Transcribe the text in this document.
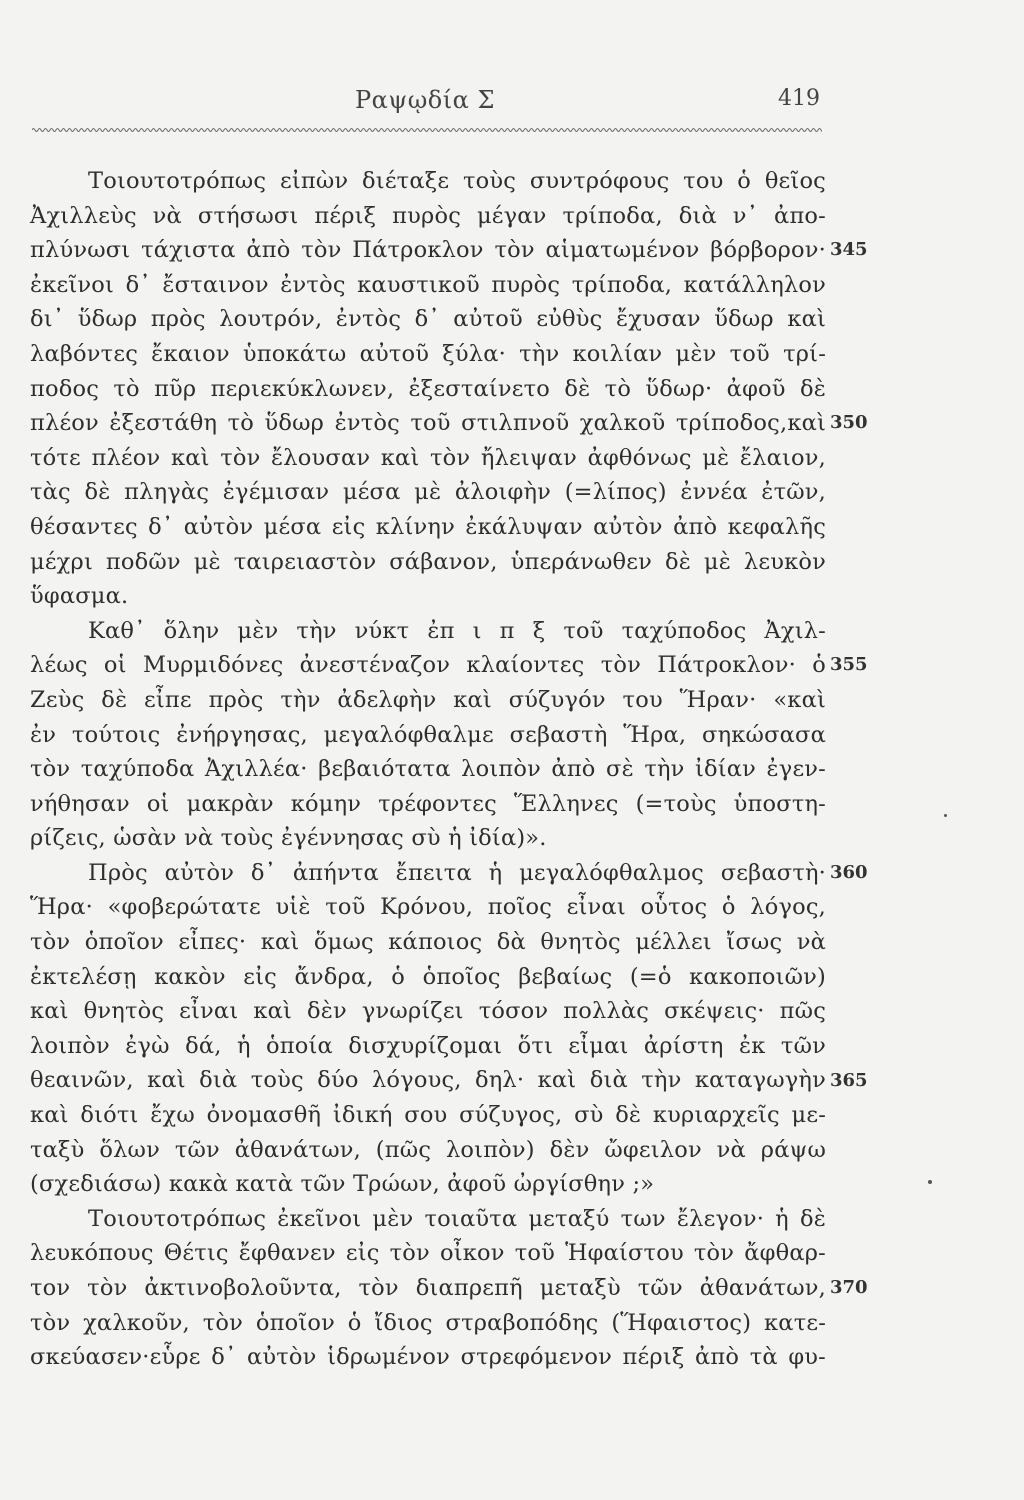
Ραψῳδία Σ	419
Τοιουτοτρόπως εἰπὼν διέταξε τοὺς συντρόφους του ὁ θεῖος
Ἀχιλλεὺς νὰ στήσωσι πέριξ πυρὸς μέγαν τρίποδα, διὰ ν᾽ ἀπο-
πλύνωσι τάχιστα ἀπὸ τὸν Πάτροκλον τὸν αἱματωμένον βόρβορον·
ἐκεῖνοι δ᾽ ἔσταινον ἐντὸς καυστικοῦ πυρὸς τρίποδα, κατάλληλον
δι᾽ ὕδωρ πρὸς λουτρόν, ἐντὸς δ᾽ αὐτοῦ εὐθὺς ἔχυσαν ὕδωρ καὶ
λαβόντες ἔκαιον ὑποκάτω αὐτοῦ ξύλα· τὴν κοιλίαν μὲν τοῦ τρί-
ποδος τὸ πῦρ περιεκύκλωνεν, ἐξεσταίνετο δὲ τὸ ὕδωρ· ἀφοῦ δὲ
πλέον ἐξεστάθη τὸ ὕδωρ ἐντὸς τοῦ στιλπνοῦ χαλκοῦ τρίποδος,καὶ
τότε πλέον καὶ τὸν ἔλουσαν καὶ τὸν ἤλειψαν ἀφθόνως μὲ ἔλαιον,
τὰς δὲ πληγὰς ἐγέμισαν μέσα μὲ ἀλοιφὴν (=λίπος) ἐννέα ἐτῶν,
θέσαντες δ᾽ αὐτὸν μέσα εἰς κλίνην ἐκάλυψαν αὐτὸν ἀπὸ κεφαλῆς
μέχρι ποδῶν μὲ ταιρειαστὸν σάβανον, ὑπεράνωθεν δὲ μὲ λευκὸν
ὕφασμα.
Καθ᾽ ὅλην μὲν τὴν νύκτ ἐπ ι π ξ τοῦ ταχύποδος Ἀχιλ-
λέως οἱ Μυρμιδόνες ἀνεστέναζον κλαίοντες τὸν Πάτροκλον· ὁ
Ζεὺς δὲ εἶπε πρὸς τὴν ἀδελφὴν καὶ σύζυγόν του Ἥραν· «καὶ
ἐν τούτοις ἐνήργησας, μεγαλόφθαλμε σεβαστὴ Ἥρα, σηκώσασα
τὸν ταχύποδα Ἀχιλλέα· βεβαιότατα λοιπὸν ἀπὸ σὲ τὴν ἰδίαν ἐγεν-
νήθησαν οἱ μακρὰν κόμην τρέφοντες Ἕλληνες (=τοὺς ὑποστη-
ρίζεις, ὡσὰν νὰ τοὺς ἐγέννησας σὺ ἡ ἰδία)».
Πρὸς αὐτὸν δ᾽ ἀπήντα ἔπειτα ἡ μεγαλόφθαλμος σεβαστὴ·
Ἥρα· «φοβερώτατε υἱὲ τοῦ Κρόνου, ποῖος εἶναι οὗτος ὁ λόγος,
τὸν ὁποῖον εἶπες· καὶ ὅμως κάποιος δὰ θνητὸς μέλλει ἴσως νὰ
ἐκτελέσῃ κακὸν εἰς ἄνδρα, ὁ ὁποῖος βεβαίως (=ὁ κακοποιῶν)
καὶ θνητὸς εἶναι καὶ δὲν γνωρίζει τόσον πολλὰς σκέψεις· πῶς
λοιπὸν ἐγὼ δά, ἡ ὁποία δισχυρίζομαι ὅτι εἶμαι ἀρίστη ἐκ τῶν
θεαινῶν, καὶ διὰ τοὺς δύο λόγους, δηλ· καὶ διὰ τὴν καταγωγὴν
καὶ διότι ἔχω ὀνομασθῆ ἰδική σου σύζυγος, σὺ δὲ κυριαρχεῖς με-
ταξὺ ὅλων τῶν ἀθανάτων, (πῶς λοιπὸν) δὲν ὤφειλον νὰ ράψω
(σχεδιάσω) κακὰ κατὰ τῶν Τρώων, ἀφοῦ ὠργίσθην ;»
Τοιουτοτρόπως ἐκεῖνοι μὲν τοιαῦτα μεταξύ των ἔλεγον· ἡ δὲ
λευκόπους Θέτις ἔφθανεν εἰς τὸν οἶκον τοῦ Ἡφαίστου τὸν ἄφθαρ-
τον τὸν ἀκτινοβολοῦντα, τὸν διαπρεπῆ μεταξὺ τῶν ἀθανάτων,
τὸν χαλκοῦν, τὸν ὁποῖον ὁ ἴδιος στραβοπόδης (Ἥφαιστος) κατε-
σκεύασεν·εὗρε δ᾽ αὐτὸν ἱδρωμένον στρεφόμενον πέριξ ἀπὸ τὰ φυ-
345
350
355
360
365
370
